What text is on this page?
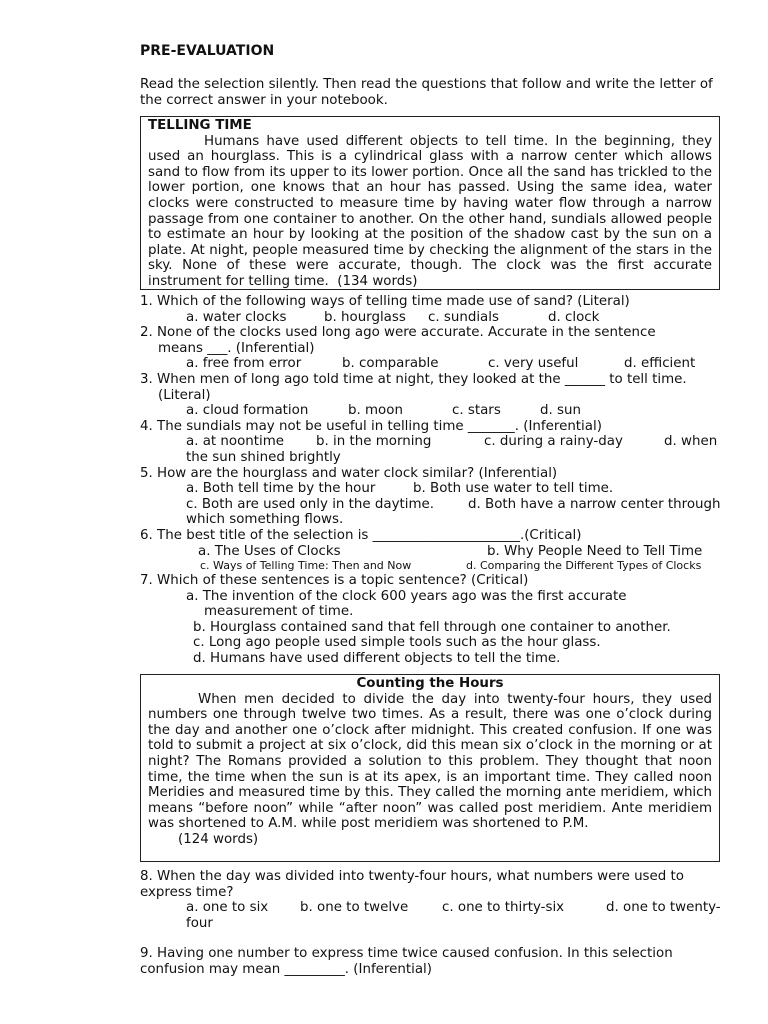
PRE-EVALUATION
Read the selection silently. Then read the questions that follow and write the letter of the correct answer in your notebook.
TELLING TIME
Humans have used different objects to tell time. In the beginning, they used an hourglass. This is a cylindrical glass with a narrow center which allows sand to flow from its upper to its lower portion. Once all the sand has trickled to the lower portion, one knows that an hour has passed. Using the same idea, water clocks were constructed to measure time by having water flow through a narrow passage from one container to another. On the other hand, sundials allowed people to estimate an hour by looking at the position of the shadow cast by the sun on a plate. At night, people measured time by checking the alignment of the stars in the sky. None of these were accurate, though. The clock was the first accurate instrument for telling time. (134 words)
1. Which of the following ways of telling time made use of sand? (Literal)
a. water clocks	b. hourglass c. sundials	d. clock
2. None of the clocks used long ago were accurate. Accurate in the sentence
means ___. (Inferential)
a. free from error	b. comparable	c. very useful	d. efficient
3. When men of long ago told time at night, they looked at the ______ to tell time.
(Literal)
a. cloud formation	b. moon	c. stars	d. sun
4. The sundials may not be useful in telling time _______. (Inferential)
a. at noontime b. in the morning	c. during a rainy-day	d. when the sun shined brightly
5. How are the hourglass and water clock similar? (Inferential)
a. Both tell time by the hour	b. Both use water to tell time.
c. Both are used only in the daytime.	d. Both have a narrow center through which something flows.
6. The best title of the selection is ______________________.(Critical)
a. The Uses of Clocks	b. Why People Need to Tell Time
c. Ways of Telling Time: Then and Now	d. Comparing the Different Types of Clocks
7. Which of these sentences is a topic sentence? (Critical)
a. The invention of the clock 600 years ago was the first accurate measurement of time.
b. Hourglass contained sand that fell through one container to another.
c. Long ago people used simple tools such as the hour glass.
d. Humans have used different objects to tell the time.
Counting the Hours
When men decided to divide the day into twenty-four hours, they used numbers one through twelve two times. As a result, there was one o’clock during the day and another one o’clock after midnight. This created confusion. If one was told to submit a project at six o’clock, did this mean six o’clock in the morning or at night? The Romans provided a solution to this problem. They thought that noon time, the time when the sun is at its apex, is an important time. They called noon Meridies and measured time by this. They called the morning ante meridiem, which means “before noon” while “after noon” was called post meridiem. Ante meridiem was shortened to A.M. while post meridiem was shortened to P.M.
(124 words)
8. When the day was divided into twenty-four hours, what numbers were used to express time?
a. one to six b. one to twelve	c. one to thirty-six	d. one to twenty-four
9. Having one number to express time twice caused confusion. In this selection confusion may mean _________. (Inferential)
